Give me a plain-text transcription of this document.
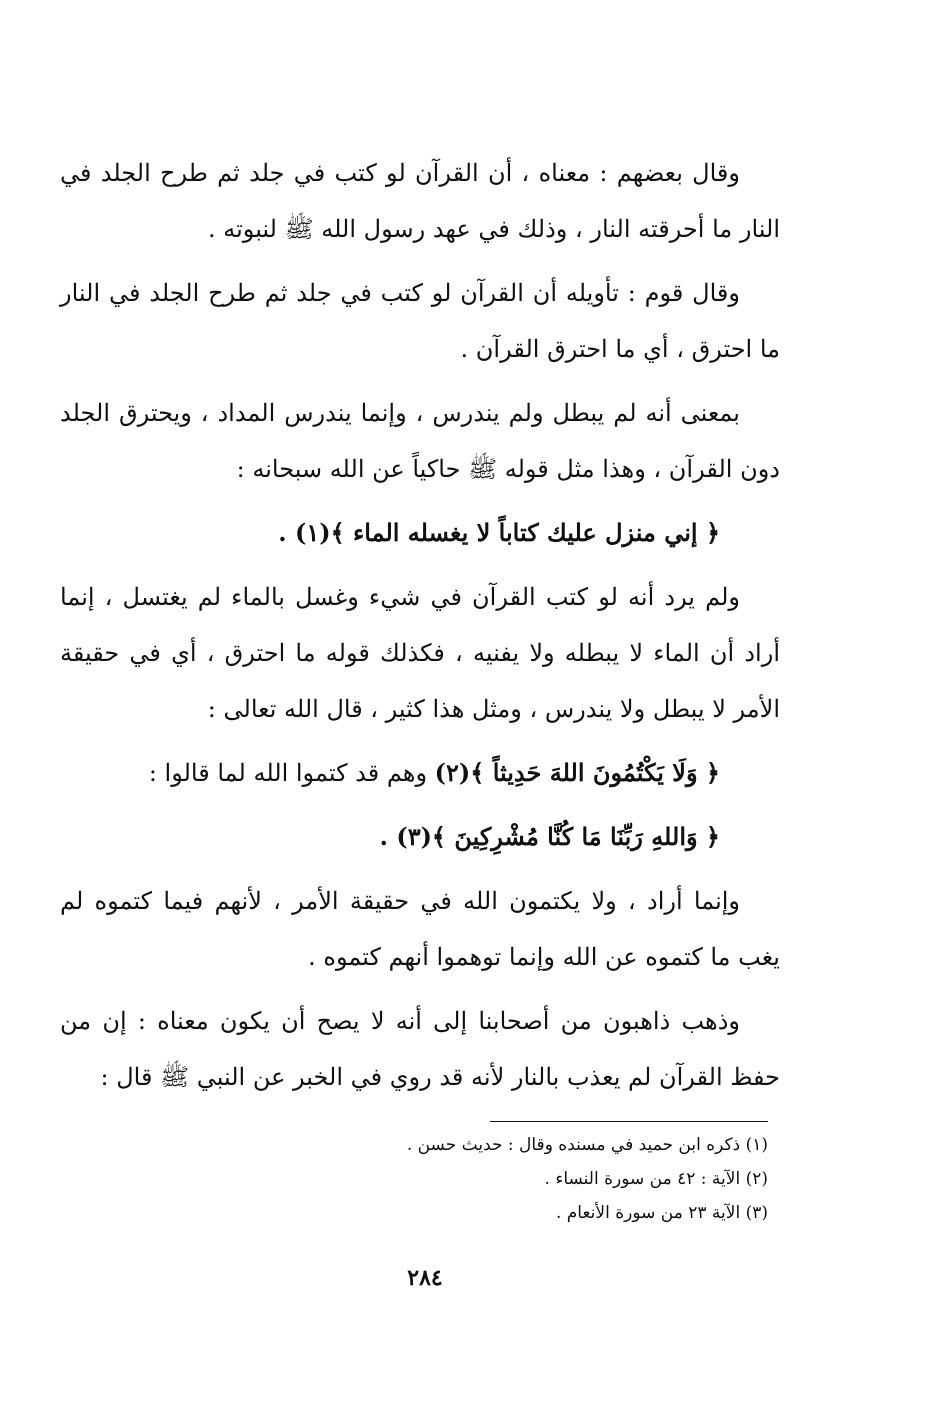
وقال بعضهم : معناه ، أن القرآن لو كتب في جلد ثم طرح الجلد في النار ما أحرقته النار ، وذلك في عهد رسول الله ﷺ لنبوته .

وقال قوم : تأويله أن القرآن لو كتب في جلد ثم طرح الجلد في النار ما احترق ، أي ما احترق القرآن .

بمعنى أنه لم يبطل ولم يندرس ، وإنما يندرس المداد ، ويحترق الجلد دون القرآن ، وهذا مثل قوله ﷺ حاكياً عن الله سبحانه :

﴿ إني منزل عليك كتاباً لا يغسله الماء ﴾(١) .

ولم يرد أنه لو كتب القرآن في شيء وغسل بالماء لم يغتسل ، إنما أراد أن الماء لا يبطله ولا يفنيه ، فكذلك قوله ما احترق ، أي في حقيقة الأمر لا يبطل ولا يندرس ، ومثل هذا كثير ، قال الله تعالى :

﴿ وَلَا يَكْتُمُونَ اللهَ حَدِيثاً ﴾(٢) وهم قد كتموا الله لما قالوا :

﴿ وَاللهِ رَبِّنَا مَا كُنَّا مُشْرِكِينَ ﴾(٣) .

وإنما أراد ، ولا يكتمون الله في حقيقة الأمر ، لأنهم فيما كتموه لم يغب ما كتموه عن الله وإنما توهموا أنهم كتموه .

وذهب ذاهبون من أصحابنا إلى أنه لا يصح أن يكون معناه : إن من حفظ القرآن لم يعذب بالنار لأنه قد روي في الخبر عن النبي ﷺ قال :

(١) ذكره ابن حميد في مسنده وقال : حديث حسن .

(٢) الآية : ٤٢ من سورة النساء .

(٣) الآية ٢٣ من سورة الأنعام .

٢٨٤
